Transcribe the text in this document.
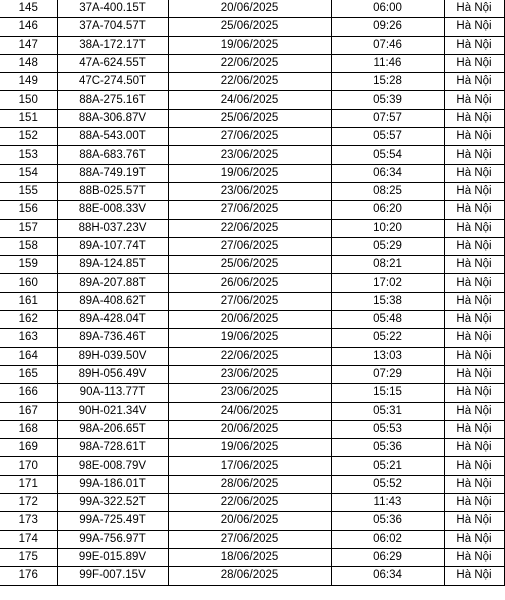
145	37A-400.15T	20/06/2025	06:00	Hà Nội
146	37A-704.57T	25/06/2025	09:26	Hà Nội
147	38A-172.17T	19/06/2025	07:46	Hà Nội
148	47A-624.55T	22/06/2025	11:46	Hà Nội
149	47C-274.50T	22/06/2025	15:28	Hà Nội
150	88A-275.16T	24/06/2025	05:39	Hà Nội
151	88A-306.87V	25/06/2025	07:57	Hà Nội
152	88A-543.00T	27/06/2025	05:57	Hà Nội
153	88A-683.76T	23/06/2025	05:54	Hà Nội
154	88A-749.19T	19/06/2025	06:34	Hà Nội
155	88B-025.57T	23/06/2025	08:25	Hà Nội
156	88E-008.33V	27/06/2025	06:20	Hà Nội
157	88H-037.23V	22/06/2025	10:20	Hà Nội
158	89A-107.74T	27/06/2025	05:29	Hà Nội
159	89A-124.85T	25/06/2025	08:21	Hà Nội
160	89A-207.88T	26/06/2025	17:02	Hà Nội
161	89A-408.62T	27/06/2025	15:38	Hà Nội
162	89A-428.04T	20/06/2025	05:48	Hà Nội
163	89A-736.46T	19/06/2025	05:22	Hà Nội
164	89H-039.50V	22/06/2025	13:03	Hà Nội
165	89H-056.49V	23/06/2025	07:29	Hà Nội
166	90A-113.77T	23/06/2025	15:15	Hà Nội
167	90H-021.34V	24/06/2025	05:31	Hà Nội
168	98A-206.65T	20/06/2025	05:53	Hà Nội
169	98A-728.61T	19/06/2025	05:36	Hà Nội
170	98E-008.79V	17/06/2025	05:21	Hà Nội
171	99A-186.01T	28/06/2025	05:52	Hà Nội
172	99A-322.52T	22/06/2025	11:43	Hà Nội
173	99A-725.49T	20/06/2025	05:36	Hà Nội
174	99A-756.97T	27/06/2025	06:02	Hà Nội
175	99E-015.89V	18/06/2025	06:29	Hà Nội
176	99F-007.15V	28/06/2025	06:34	Hà Nội
